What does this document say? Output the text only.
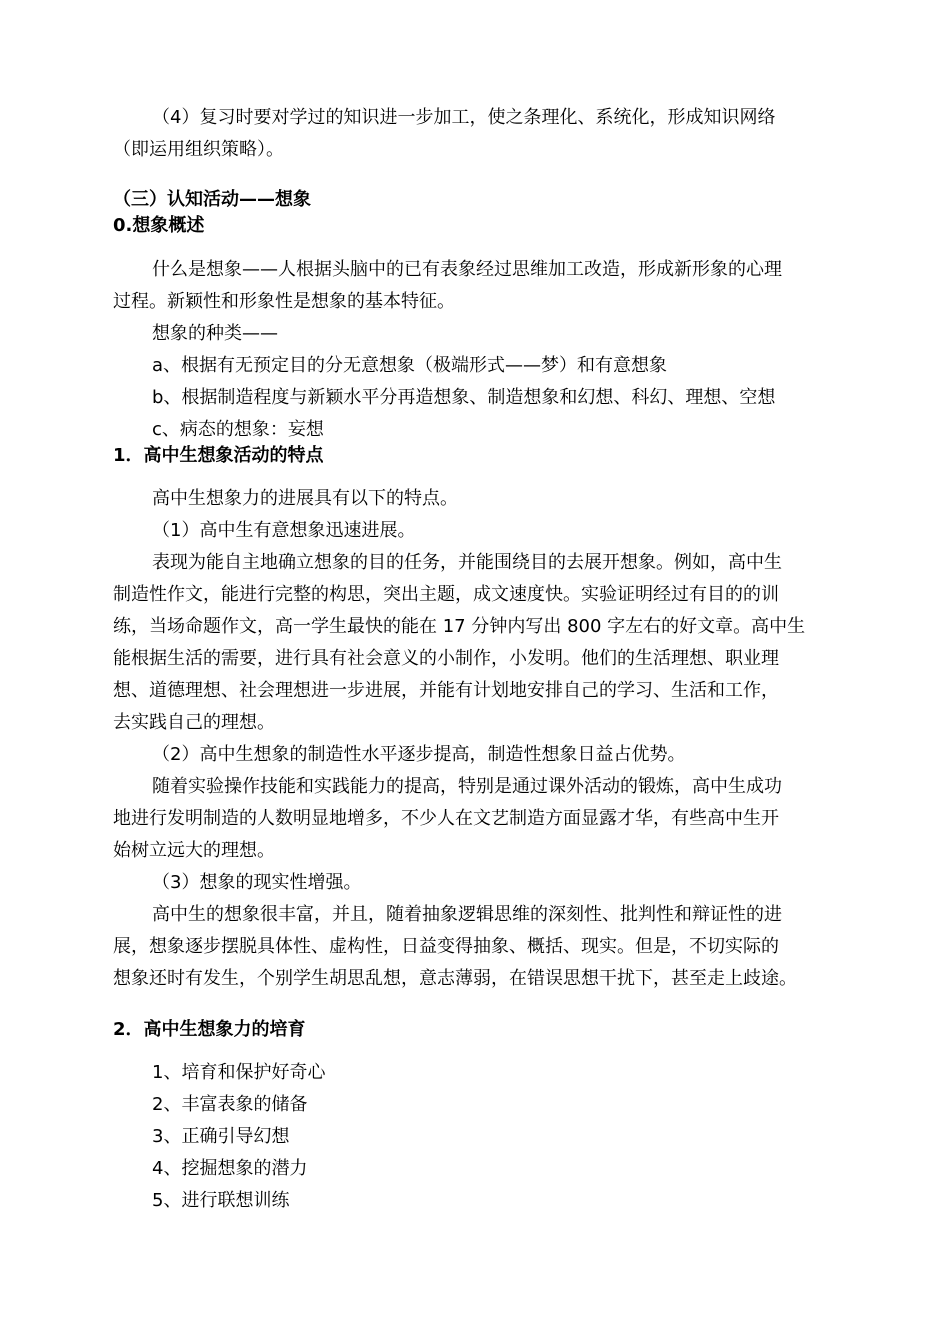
（4）复习时要对学过的知识进一步加工，使之条理化、系统化，形成知识网络
（即运用组织策略）。
（三）认知活动——想象
0.想象概述
什么是想象——人根据头脑中的已有表象经过思维加工改造，形成新形象的心理
过程。新颖性和形象性是想象的基本特征。
想象的种类——
a、根据有无预定目的分无意想象（极端形式——梦）和有意想象
b、根据制造程度与新颖水平分再造想象、制造想象和幻想、科幻、理想、空想
c、病态的想象：妄想
1．高中生想象活动的特点
高中生想象力的进展具有以下的特点。
（1）高中生有意想象迅速进展。
表现为能自主地确立想象的目的任务，并能围绕目的去展开想象。例如，高中生
制造性作文，能进行完整的构思，突出主题，成文速度快。实验证明经过有目的的训
练，当场命题作文，高一学生最快的能在 17 分钟内写出 800 字左右的好文章。高中生
能根据生活的需要，进行具有社会意义的小制作，小发明。他们的生活理想、职业理
想、道德理想、社会理想进一步进展，并能有计划地安排自己的学习、生活和工作，
去实践自己的理想。
（2）高中生想象的制造性水平逐步提高，制造性想象日益占优势。
随着实验操作技能和实践能力的提高，特别是通过课外活动的锻炼，高中生成功
地进行发明制造的人数明显地增多，不少人在文艺制造方面显露才华，有些高中生开
始树立远大的理想。
（3）想象的现实性增强。
高中生的想象很丰富，并且，随着抽象逻辑思维的深刻性、批判性和辩证性的进
展，想象逐步摆脱具体性、虚构性，日益变得抽象、概括、现实。但是，不切实际的
想象还时有发生，个别学生胡思乱想，意志薄弱，在错误思想干扰下，甚至走上歧途。
2．高中生想象力的培育
1、培育和保护好奇心
2、丰富表象的储备
3、正确引导幻想
4、挖掘想象的潜力
5、进行联想训练
